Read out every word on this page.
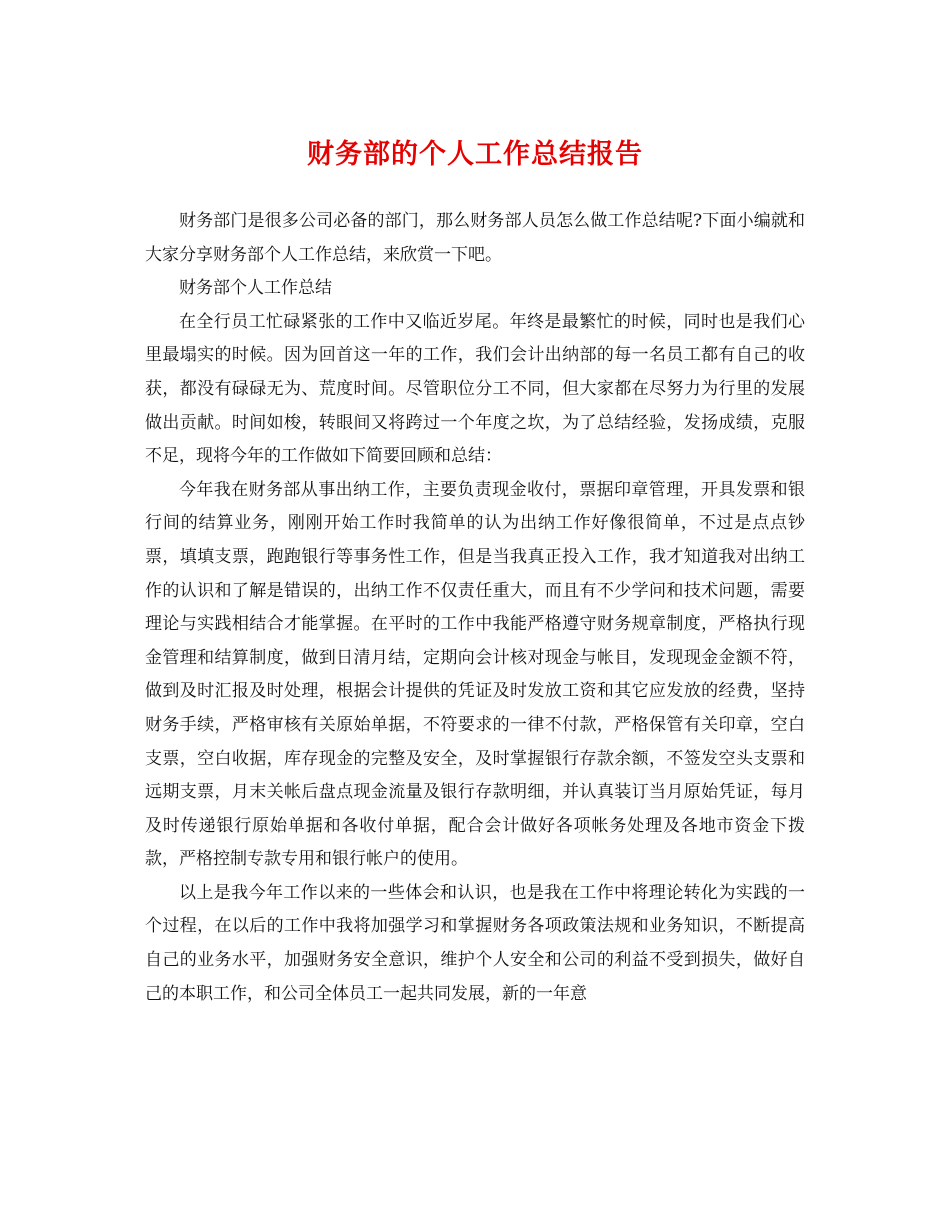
财务部的个人工作总结报告

财务部门是很多公司必备的部门，那么财务部人员怎么做工作总结呢?下面小编就和大家分享财务部个人工作总结，来欣赏一下吧。

财务部个人工作总结

在全行员工忙碌紧张的工作中又临近岁尾。年终是最繁忙的时候，同时也是我们心里最塌实的时候。因为回首这一年的工作，我们会计出纳部的每一名员工都有自己的收获，都没有碌碌无为、荒度时间。尽管职位分工不同，但大家都在尽努力为行里的发展做出贡献。时间如梭，转眼间又将跨过一个年度之坎，为了总结经验，发扬成绩，克服不足，现将今年的工作做如下简要回顾和总结：

今年我在财务部从事出纳工作，主要负责现金收付，票据印章管理，开具发票和银行间的结算业务，刚刚开始工作时我简单的认为出纳工作好像很简单，不过是点点钞票，填填支票，跑跑银行等事务性工作，但是当我真正投入工作，我才知道我对出纳工作的认识和了解是错误的，出纳工作不仅责任重大，而且有不少学问和技术问题，需要理论与实践相结合才能掌握。在平时的工作中我能严格遵守财务规章制度，严格执行现金管理和结算制度，做到日清月结，定期向会计核对现金与帐目，发现现金金额不符，做到及时汇报及时处理，根据会计提供的凭证及时发放工资和其它应发放的经费，坚持财务手续，严格审核有关原始单据，不符要求的一律不付款，严格保管有关印章，空白支票，空白收据，库存现金的完整及安全，及时掌握银行存款余额，不签发空头支票和远期支票，月末关帐后盘点现金流量及银行存款明细，并认真装订当月原始凭证，每月及时传递银行原始单据和各收付单据，配合会计做好各项帐务处理及各地市资金下拨款，严格控制专款专用和银行帐户的使用。

以上是我今年工作以来的一些体会和认识，也是我在工作中将理论转化为实践的一个过程，在以后的工作中我将加强学习和掌握财务各项政策法规和业务知识，不断提高自己的业务水平，加强财务安全意识，维护个人安全和公司的利益不受到损失，做好自己的本职工作，和公司全体员工一起共同发展，新的一年意
